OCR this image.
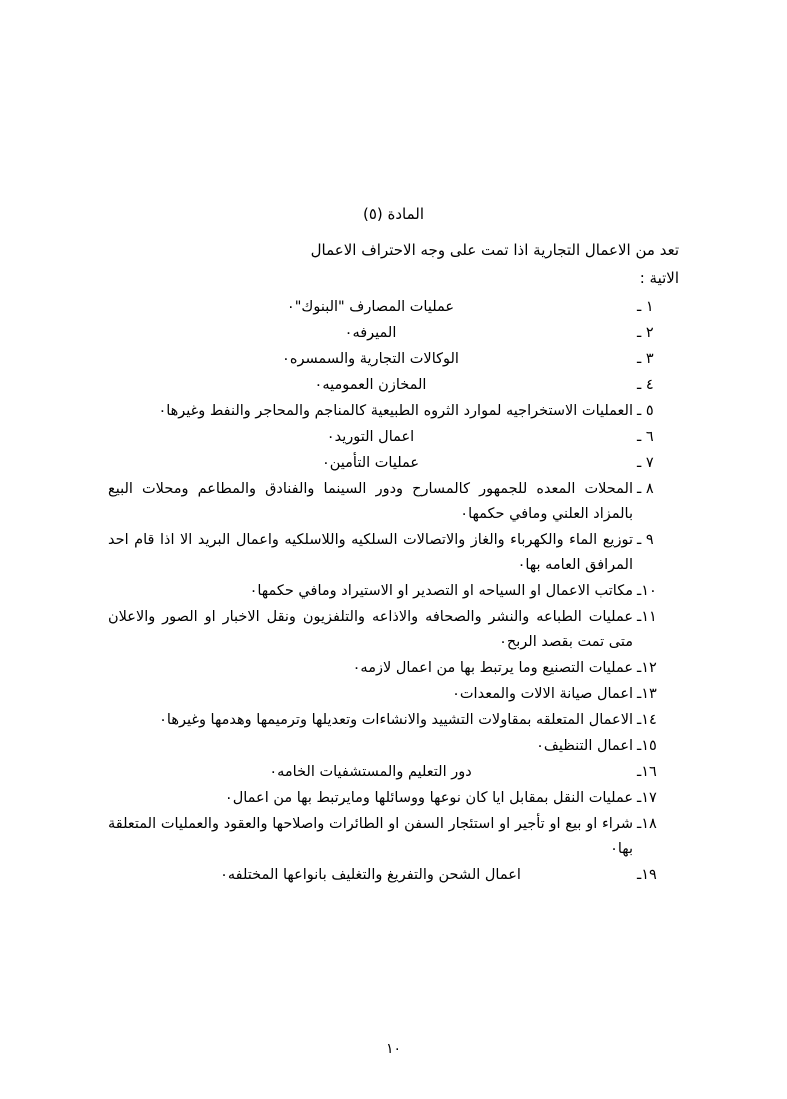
المادة (٥)
تعد من الاعمال التجارية اذا تمت على وجه الاحتراف الاعمال
الاتية :
١ ـ
عمليات المصارف "البنوك"٠
٢ ـ
الميرفه٠
٣ ـ
الوكالات التجارية والسمسره٠
٤ ـ
المخازن العموميه٠
٥ ـ
العمليات الاستخراجيه لموارد الثروه الطبيعية كالمناجم والمحاجر والنفط وغيرها٠
٦ ـ
اعمال التوريد٠
٧ ـ
عمليات التأمين٠
٨ ـ
المحلات المعده للجمهور كالمسارح ودور السينما والفنادق والمطاعم ومحلات البيع بالمزاد العلني ومافي حكمها٠
٩ ـ
توزيع الماء والكهرباء والغاز والاتصالات السلكيه واللاسلكيه واعمال البريد الا اذا قام احد المرافق العامه بها٠
١٠ـ
مكاتب الاعمال او السياحه او التصدير او الاستيراد ومافي حكمها٠
١١ـ
عمليات الطباعه والنشر والصحافه والاذاعه والتلفزيون ونقل الاخبار او الصور والاعلان متى تمت بقصد الربح٠
١٢ـ
عمليات التصنيع وما يرتبط بها من اعمال لازمه٠
١٣ـ
اعمال صيانة الالات والمعدات٠
١٤ـ
الاعمال المتعلقه بمقاولات التشييد والانشاءات وتعديلها وترميمها وهدمها وغيرها٠
١٥ـ
اعمال التنظيف٠
١٦ـ
دور التعليم والمستشفيات الخامه٠
١٧ـ
عمليات النقل بمقابل ايا كان نوعها ووسائلها ومايرتبط بها من اعمال٠
١٨ـ
شراء او بيع او تأجير او استئجار السفن او الطائرات واصلاحها والعقود والعمليات المتعلقة بها٠
١٩ـ
اعمال الشحن والتفريغ والتغليف بانواعها المختلفه٠
١٠
